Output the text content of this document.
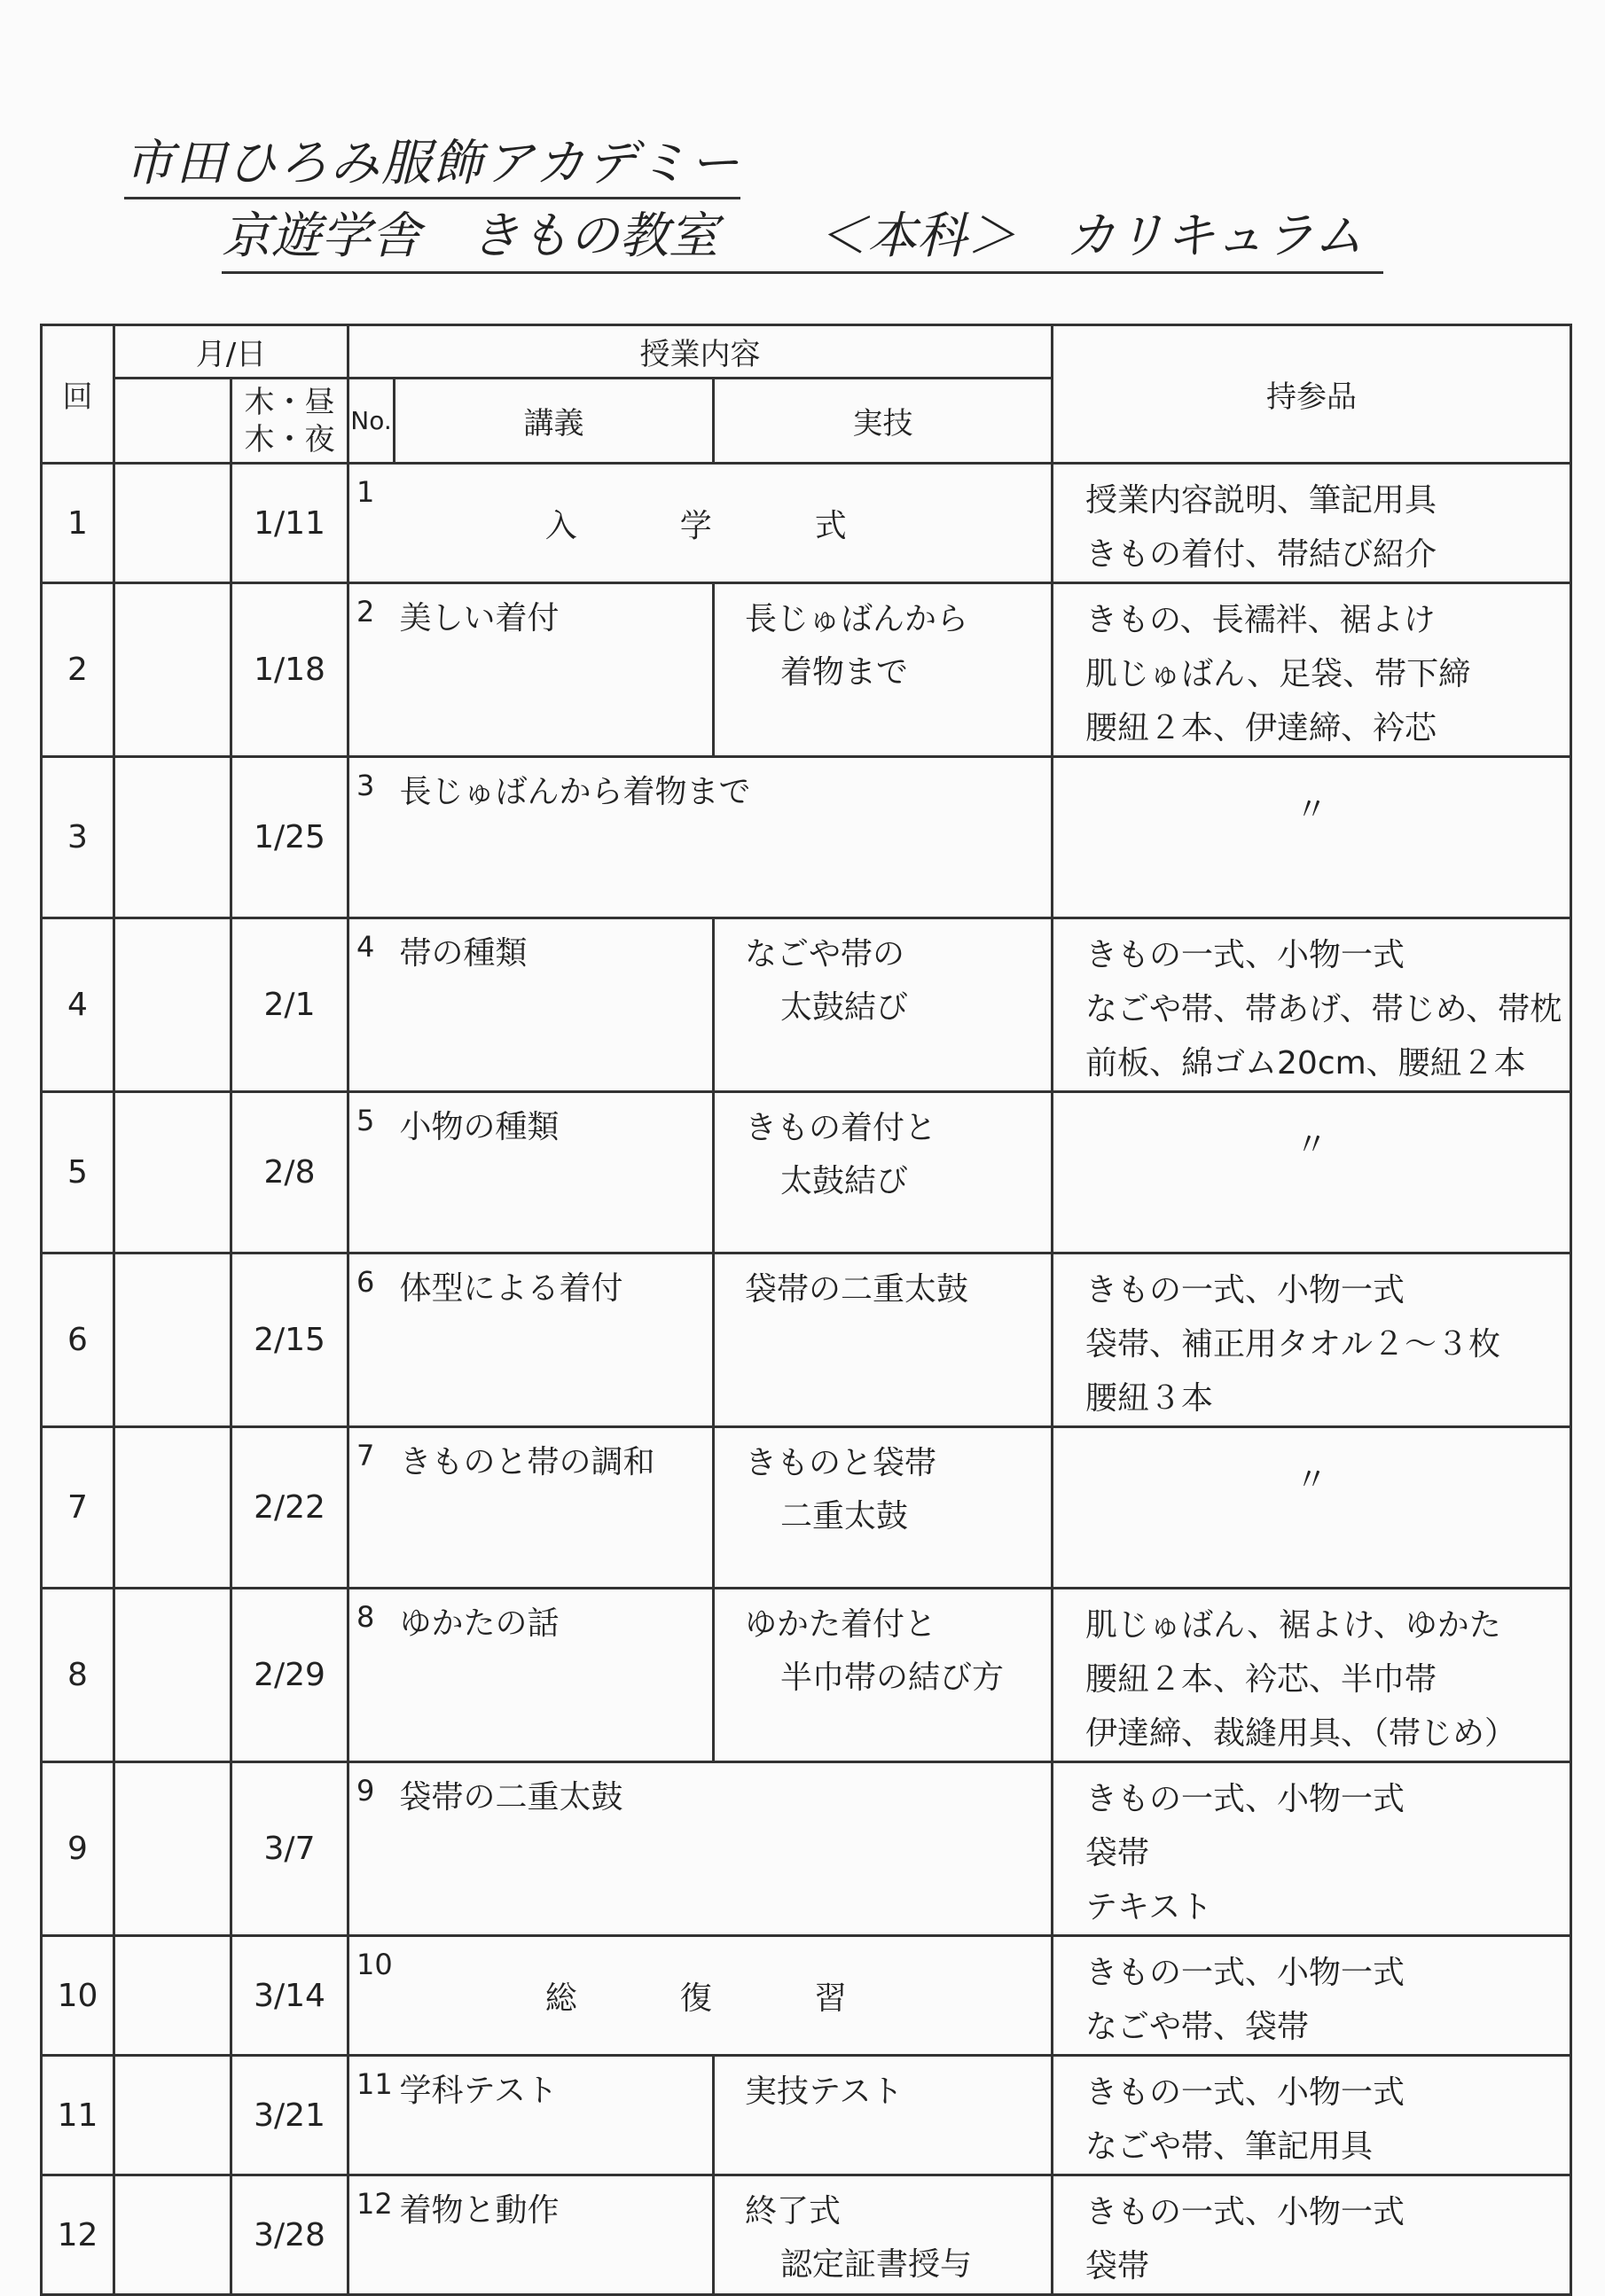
市田ひろみ服飾アカデミー
京遊学舎　きもの教室　　＜本科＞　カリキュラム
回	月/日		授業内容			持参品

		木・昼
木・夜	No.	講義	実技	
1		1/11	1	入　学　式		授業内容説明、筆記用具
きもの着付、帯結び紹介

2		1/18	2	美しい着付	長じゅばんから
着物まで	きもの、長襦袢、裾よけ
肌じゅばん、足袋、帯下締
腰紐２本、伊達締、衿芯

3		1/25	3	長じゅばんから着物まで		〃
4		2/1	4	帯の種類	なごや帯の
太鼓結び	きもの一式、小物一式
なごや帯、帯あげ、帯じめ、帯枕
前板、綿ゴム20cm、腰紐２本

5		2/8	5	小物の種類	きもの着付と
太鼓結び	〃
6		2/15	6	体型による着付	袋帯の二重太鼓	きもの一式、小物一式
袋帯、補正用タオル２～３枚
腰紐３本

7		2/22	7	きものと帯の調和	きものと袋帯
二重太鼓	〃
8		2/29	8	ゆかたの話	ゆかた着付と
半巾帯の結び方	肌じゅばん、裾よけ、ゆかた
腰紐２本、衿芯、半巾帯
伊達締、裁縫用具、（帯じめ）

9		3/7	9	袋帯の二重太鼓		きもの一式、小物一式
袋帯
テキスト

10		3/14	10	総　復　習		きもの一式、小物一式
なごや帯、袋帯

11		3/21	11	学科テスト	実技テスト	きもの一式、小物一式
なごや帯、筆記用具

12		3/28	12	着物と動作	終了式
認定証書授与	きもの一式、小物一式
袋帯
